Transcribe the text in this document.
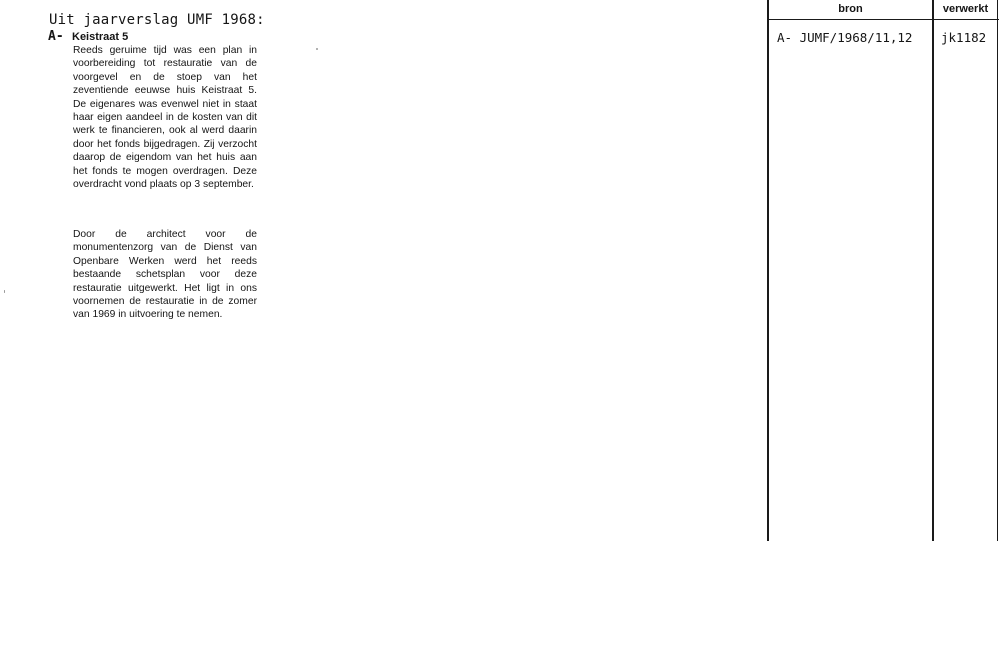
Uit jaarverslag UMF 1968:
A- Keistraat 5

Reeds geruime tijd was een plan in voorbereiding tot restauratie van de voorgevel en de stoep van het zeventiende eeuwse huis Keistraat 5. De eigenares was evenwel niet in staat haar eigen aandeel in de kosten van dit werk te financieren, ook al werd daarin door het fonds bijgedragen. Zij verzocht daarop de eigendom van het huis aan het fonds te mogen overdragen. Deze overdracht vond plaats op 3 september.

Door de architect voor de monumentenzorg van de Dienst van Openbare Werken werd het reeds bestaande schetsplan voor deze restauratie uitgewerkt. Het ligt in ons voornemen de restauratie in de zomer van 1969 in uitvoering te nemen.

bron	verwerkt
A- JUMF/1968/11,12 jk1182
